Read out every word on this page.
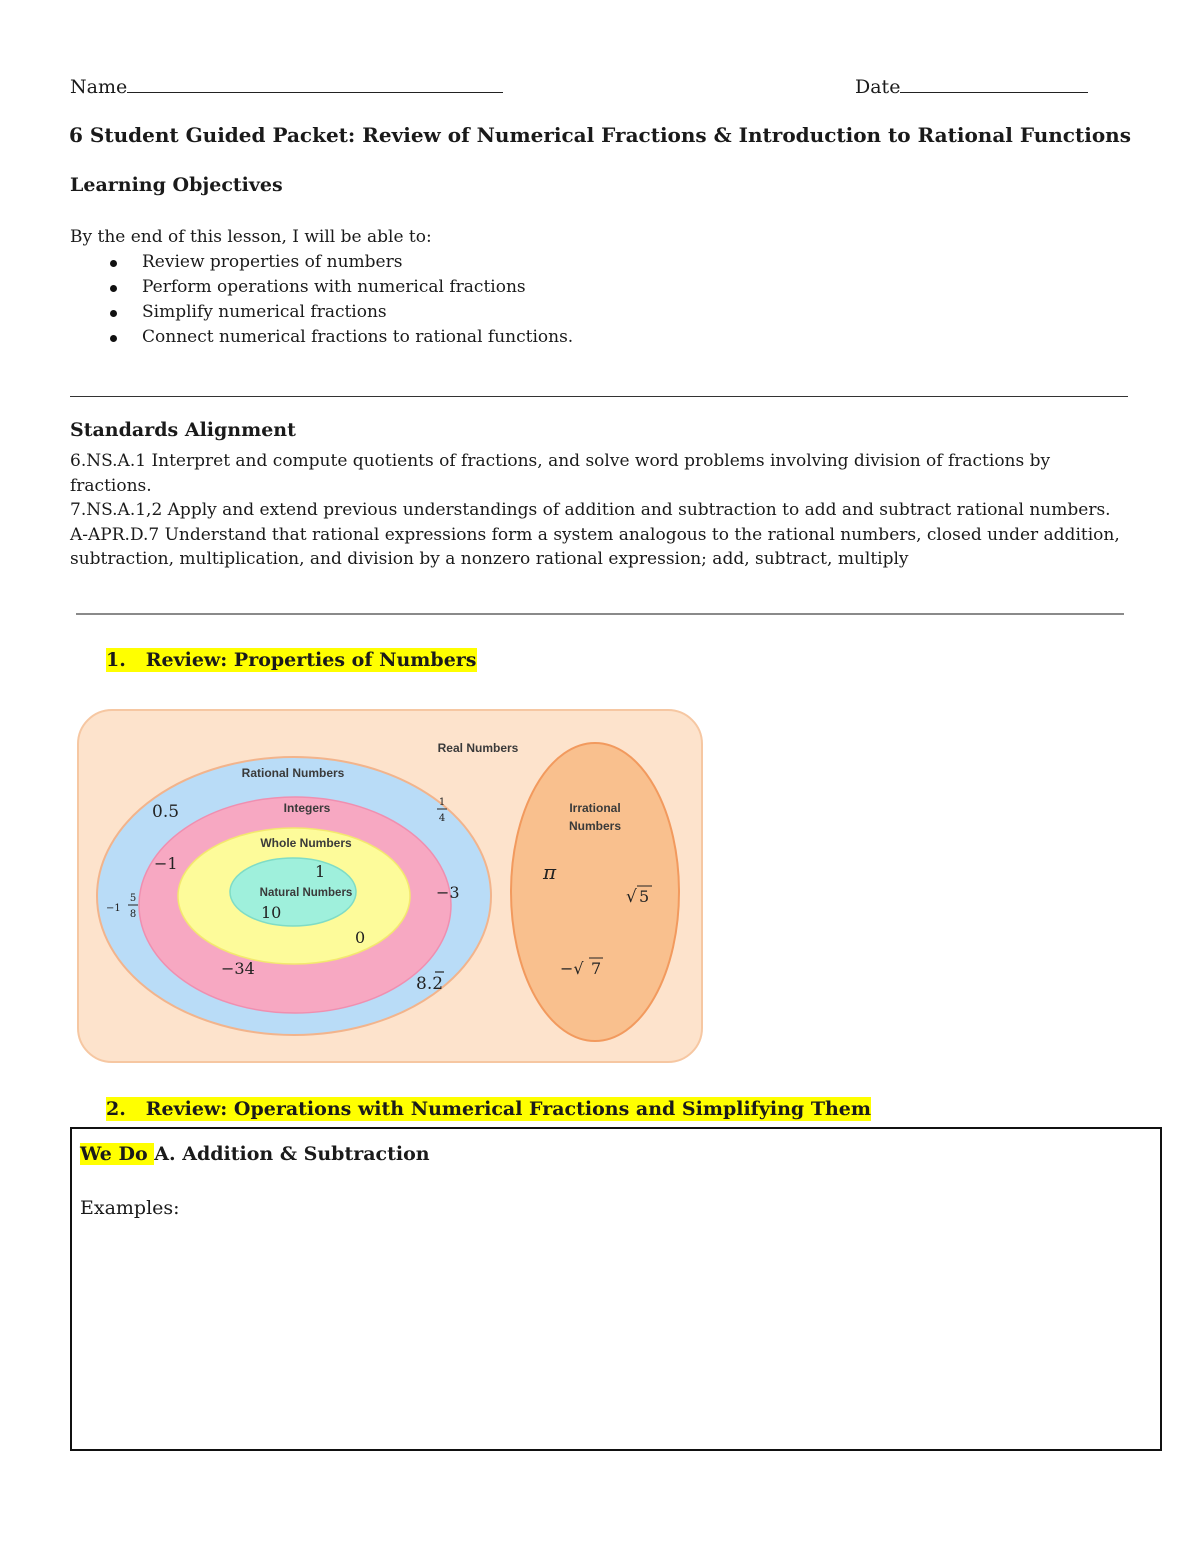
Name	Date
6 Student Guided Packet: Review of Numerical Fractions & Introduction to Rational Functions
Learning Objectives
By the end of this lesson, I will be able to:
Review properties of numbers
Perform operations with numerical fractions
Simplify numerical fractions
Connect numerical fractions to rational functions.
Standards Alignment
6.NS.A.1 Interpret and compute quotients of fractions, and solve word problems involving division of fractions by fractions.
7.NS.A.1,2 Apply and extend previous understandings of addition and subtraction to add and subtract rational numbers.
A-APR.D.7 Understand that rational expressions form a system analogous to the rational numbers, closed under addition, subtraction, multiplication, and division by a nonzero rational expression; add, subtract, multiply
1. Review: Properties of Numbers
Real Numbers
Rational Numbers
Integers
Whole Numbers
Natural Numbers
Irrational
Numbers
0.5	1
4
−1
5
8
8.2
−1
−3
−34
0
1
10
π
√ 5
−√ 7
2. Review: Operations with Numerical Fractions and Simplifying Them
We Do A. Addition & Subtraction
Examples:
